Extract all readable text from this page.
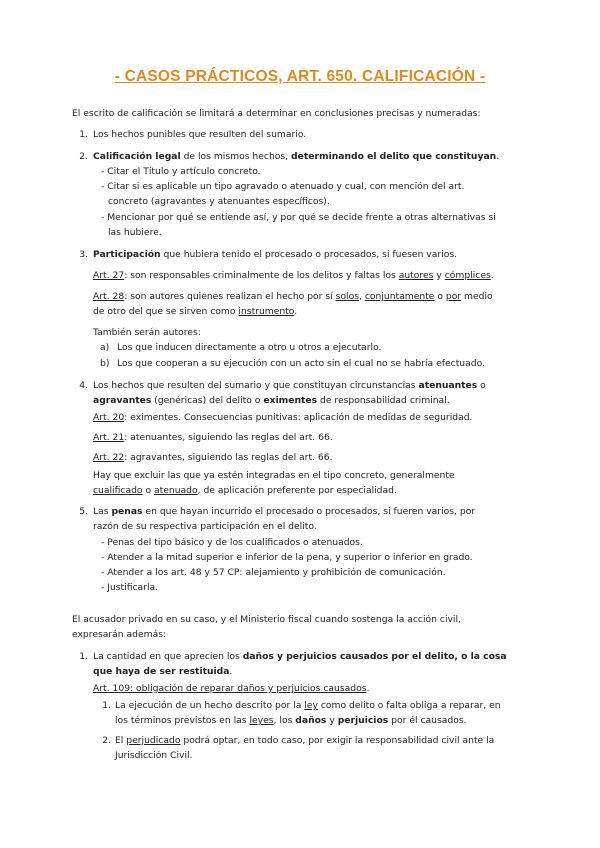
- CASOS PRÁCTICOS, ART. 650. CALIFICACIÓN -
El escrito de calificación se limitará a determinar en conclusiones precisas y numeradas:
1. Los hechos punibles que resulten del sumario.
2. Calificación legal de los mismos hechos, determinando el delito que constituyan.
- Citar el Título y artículo concreto.
- Citar si es aplicable un tipo agravado o atenuado y cual, con mención del art.
concreto (agravantes y atenuantes específicos).
- Mencionar por qué se entiende así, y por qué se decide frente a otras alternativas si
las hubiere.
3. Participación que hubiera tenido el procesado o procesados, si fuesen varios.
Art. 27: son responsables criminalmente de los delitos y faltas los autores y cómplices.
Art. 28: son autores quienes realizan el hecho por sí solos, conjuntamente o por medio
de otro del que se sirven como instrumento.
También serán autores:
a) Los que inducen directamente a otro u otros a ejecutarlo.
b) Los que cooperan a su ejecución con un acto sin el cual no se habría efectuado.
4. Los hechos que resulten del sumario y que constituyan circunstancias atenuantes o
agravantes (genéricas) del delito o eximentes de responsabilidad criminal.
Art. 20: eximentes. Consecuencias punitivas: aplicación de medidas de seguridad.
Art. 21: atenuantes, siguiendo las reglas del art. 66.
Art. 22: agravantes, siguiendo las reglas del art. 66.
Hay que excluir las que ya estén integradas en el tipo concreto, generalmente
cualificado o atenuado, de aplicación preferente por especialidad.
5. Las penas en que hayan incurrido el procesado o procesados, si fueren varios, por
razón de su respectiva participación en el delito.
- Penas del tipo básico y de los cualificados o atenuados.
- Atender a la mitad superior e inferior de la pena, y superior o inferior en grado.
- Atender a los art. 48 y 57 CP: alejamiento y prohibición de comunicación.
- Justificarla.
El acusador privado en su caso, y el Ministerio fiscal cuando sostenga la acción civil,
expresarán además:
1. La cantidad en que aprecien los daños y perjuicios causados por el delito, o la cosa
que haya de ser restituida.
Art. 109: obligación de reparar daños y perjuicios causados.
1. La ejecución de un hecho descrito por la ley como delito o falta obliga a reparar, en
los términos previstos en las leyes, los daños y perjuicios por él causados.
2. El perjudicado podrá optar, en todo caso, por exigir la responsabilidad civil ante la
Jurisdicción Civil.
